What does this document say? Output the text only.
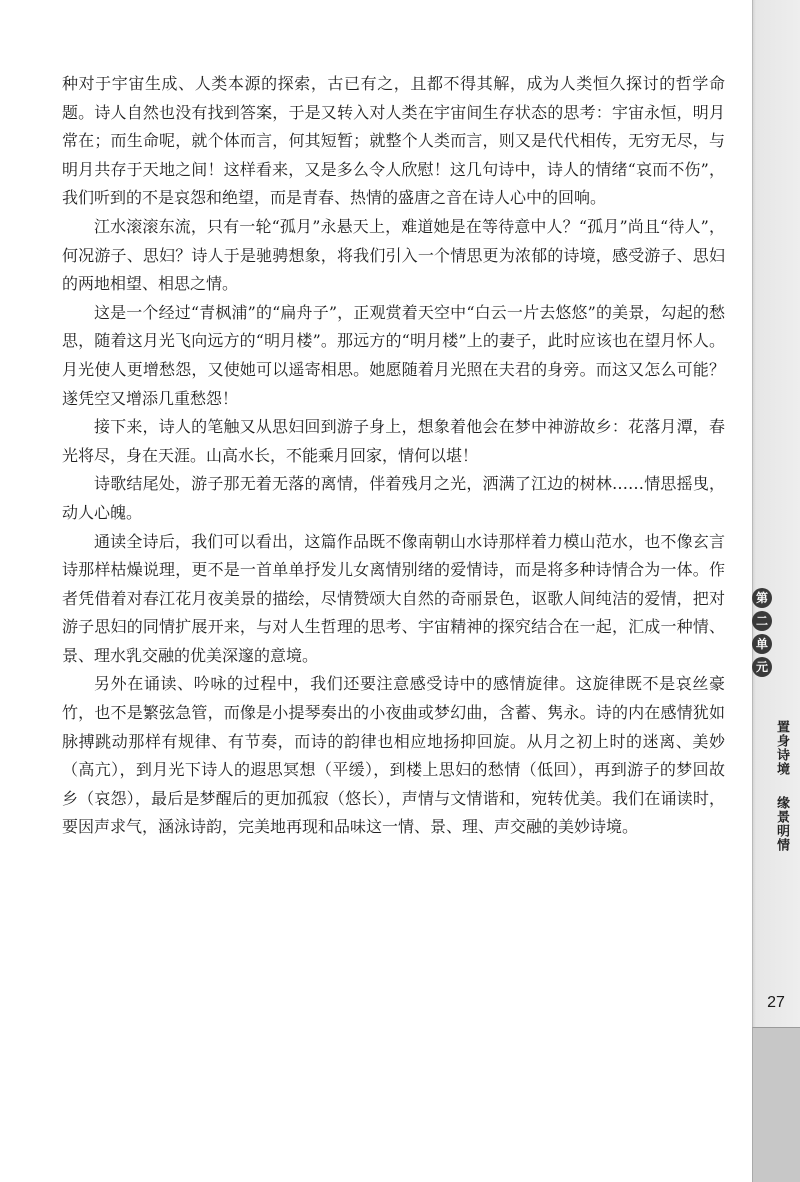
种对于宇宙生成、人类本源的探索，古已有之，且都不得其解，成为人类恒久探讨的哲学命题。诗人自然也没有找到答案，于是又转入对人类在宇宙间生存状态的思考：宇宙永恒，明月常在；而生命呢，就个体而言，何其短暂；就整个人类而言，则又是代代相传，无穷无尽，与明月共存于天地之间！这样看来，又是多么令人欣慰！这几句诗中，诗人的情绪“哀而不伤”，我们听到的不是哀怨和绝望，而是青春、热情的盛唐之音在诗人心中的回响。

江水滚滚东流，只有一轮“孤月”永悬天上，难道她是在等待意中人？“孤月”尚且“待人”，何况游子、思妇？诗人于是驰骋想象，将我们引入一个情思更为浓郁的诗境，感受游子、思妇的两地相望、相思之情。

这是一个经过“青枫浦”的“扁舟子”，正观赏着天空中“白云一片去悠悠”的美景，勾起的愁思，随着这月光飞向远方的“明月楼”。那远方的“明月楼”上的妻子，此时应该也在望月怀人。月光使人更增愁怨，又使她可以遥寄相思。她愿随着月光照在夫君的身旁。而这又怎么可能？遂凭空又增添几重愁怨！

接下来，诗人的笔触又从思妇回到游子身上，想象着他会在梦中神游故乡：花落月潭，春光将尽，身在天涯。山高水长，不能乘月回家，情何以堪！

诗歌结尾处，游子那无着无落的离情，伴着残月之光，洒满了江边的树林……情思摇曳，动人心魄。

通读全诗后，我们可以看出，这篇作品既不像南朝山水诗那样着力模山范水，也不像玄言诗那样枯燥说理，更不是一首单单抒发儿女离情别绪的爱情诗，而是将多种诗情合为一体。作者凭借着对春江花月夜美景的描绘，尽情赞颂大自然的奇丽景色，讴歌人间纯洁的爱情，把对游子思妇的同情扩展开来，与对人生哲理的思考、宇宙精神的探究结合在一起，汇成一种情、景、理水乳交融的优美深邃的意境。

另外在诵读、吟咏的过程中，我们还要注意感受诗中的感情旋律。这旋律既不是哀丝豪竹，也不是繁弦急管，而像是小提琴奏出的小夜曲或梦幻曲，含蓄、隽永。诗的内在感情犹如脉搏跳动那样有规律、有节奏，而诗的韵律也相应地扬抑回旋。从月之初上时的迷离、美妙（高亢），到月光下诗人的遐思冥想（平缓），到楼上思妇的愁情（低回），再到游子的梦回故乡（哀怨），最后是梦醒后的更加孤寂（悠长），声情与文情谐和，宛转优美。我们在诵读时，要因声求气，涵泳诗韵，完美地再现和品味这一情、景、理、声交融的美妙诗境。

第
二
单
元
置身诗境
缘景明情
27
